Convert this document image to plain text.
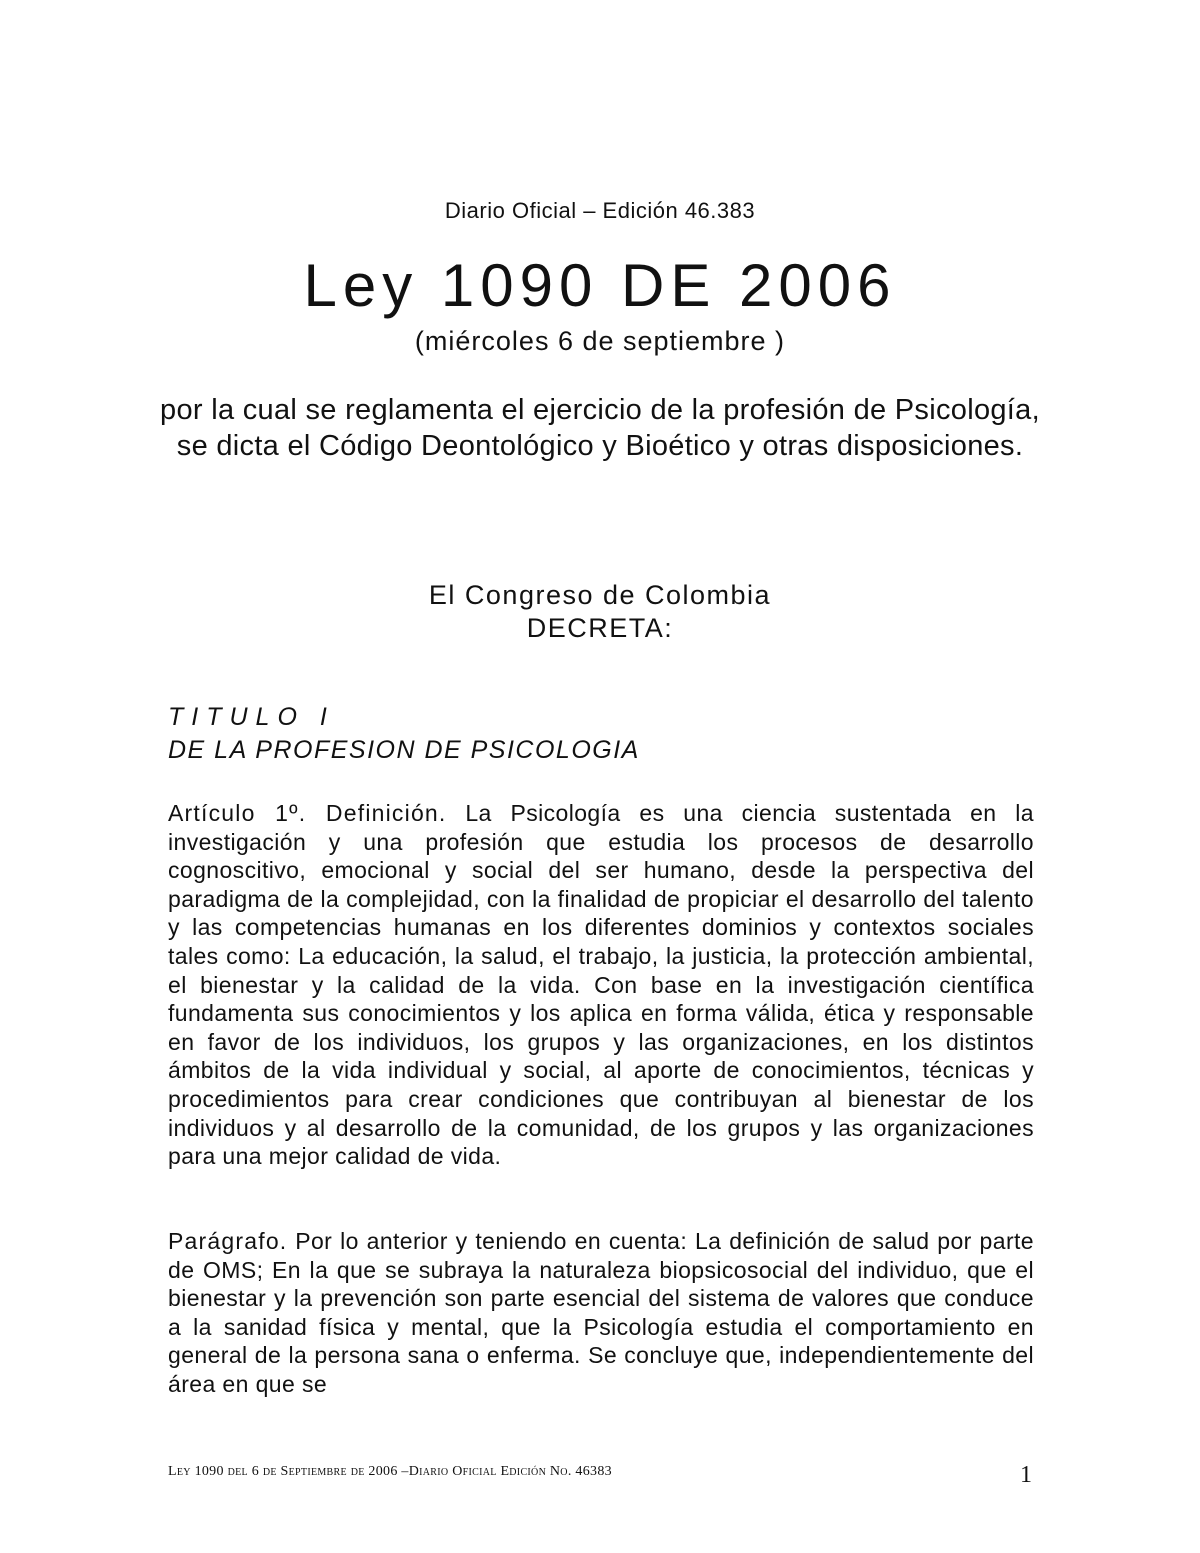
Diario Oficial – Edición 46.383
Ley 1090 DE 2006
(miércoles 6 de septiembre )
por la cual se reglamenta el ejercicio de la profesión de Psicología, se dicta el Código Deontológico y Bioético y otras disposiciones.
El Congreso de Colombia
DECRETA:
TITULO I
DE LA PROFESION DE PSICOLOGIA
Artículo 1º. Definición. La Psicología es una ciencia sustentada en la investigación y una profesión que estudia los procesos de desarrollo cognoscitivo, emocional y social del ser humano, desde la perspectiva del paradigma de la complejidad, con la finalidad de propiciar el desarrollo del talento y las competencias humanas en los diferentes dominios y contextos sociales tales como: La educación, la salud, el trabajo, la justicia, la protección ambiental, el bienestar y la calidad de la vida. Con base en la investigación científica fundamenta sus conocimientos y los aplica en forma válida, ética y responsable en favor de los individuos, los grupos y las organizaciones, en los distintos ámbitos de la vida individual y social, al aporte de conocimientos, técnicas y procedimientos para crear condiciones que contribuyan al bienestar de los individuos y al desarrollo de la comunidad, de los grupos y las organizaciones para una mejor calidad de vida.
Parágrafo. Por lo anterior y teniendo en cuenta: La definición de salud por parte de OMS; En la que se subraya la naturaleza biopsicosocial del individuo, que el bienestar y la prevención son parte esencial del sistema de valores que conduce a la sanidad física y mental, que la Psicología estudia el comportamiento en general de la persona sana o enferma. Se concluye que, independientemente del área en que se
Ley 1090 del 6 de Septiembre de 2006 –Diario Oficial Edición No. 46383	1
